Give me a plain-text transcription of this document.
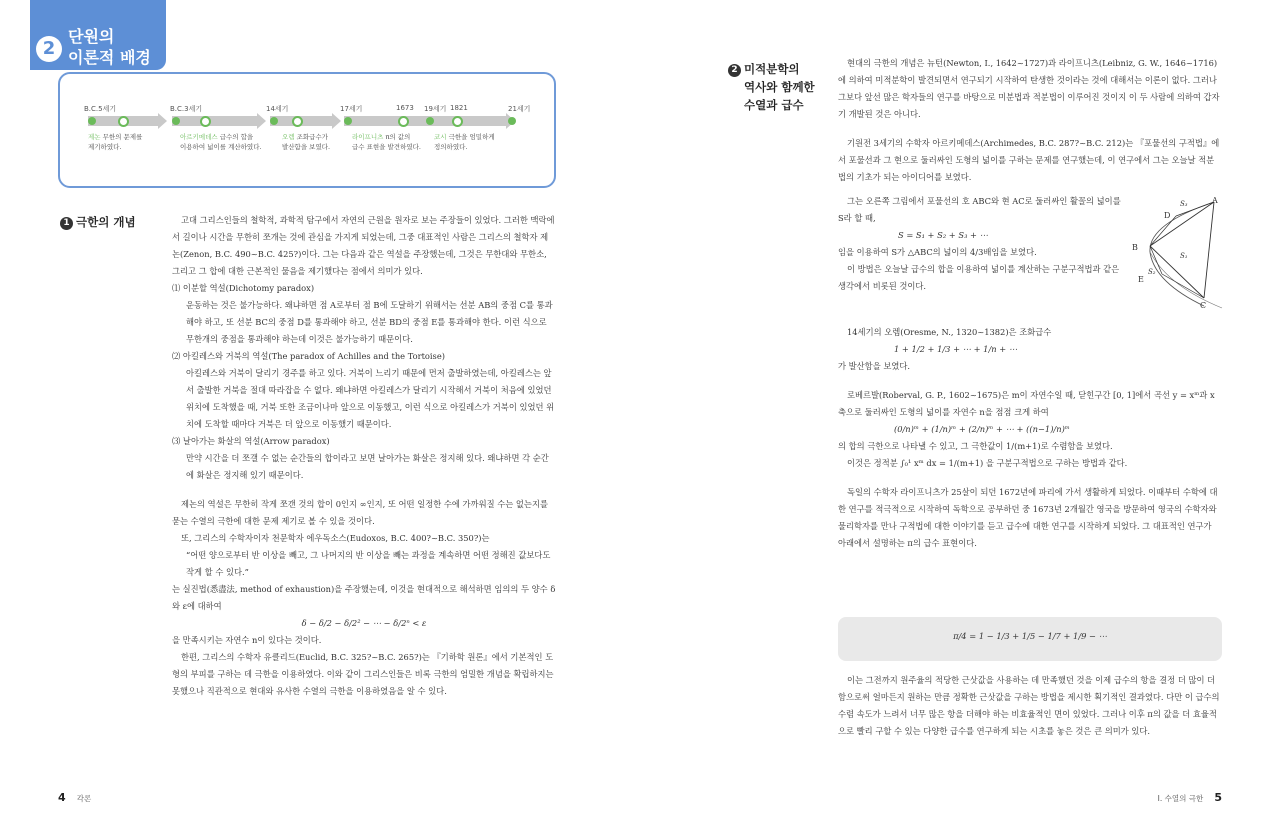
2
단원의
이론적 배경
B.C.5세기	B.C.3세기	14세기	17세기	1673 19세기 1821	21세기
제논 무한의 문제를
제기하였다.
아르키메데스 급수의 합을
이용하여 넓이를 계산하였다.
오렘 조화급수가
발산함을 보였다.
라이프니츠 π의 값의
급수 표현을 발견하였다.
코시 극한을 엄밀하게
정의하였다.
1 극한의 개념	고대 그리스인들의 철학적, 과학적 탐구에서 자연의 근원을 원자로 보는 주장들이 있었다. 그러한 맥락에서 길이나 시간을 무한히 쪼개는 것에 관심을 가지게 되었는데, 그중 대표적인 사람은 그리스의 철학자 제논(Zenon, B.C. 490~B.C. 425?)이다. 그는 다음과 같은 역설을 주장했는데, 그것은 무한대와 무한소, 그리고 그 합에 대한 근본적인 물음을 제기했다는 점에서 의미가 있다.

⑴ 이분할 역설(Dichotomy paradox)

운동하는 것은 불가능하다. 왜냐하면 점 A로부터 점 B에 도달하기 위해서는 선분 AB의 중점 C를 통과해야 하고, 또 선분 BC의 중점 D를 통과해야 하고, 선분 BD의 중점 E를 통과해야 한다. 이런 식으로 무한개의 중점을 통과해야 하는데 이것은 불가능하기 때문이다.

⑵ 아킬레스와 거북의 역설(The paradox of Achilles and the Tortoise)

아킬레스와 거북이 달리기 경주를 하고 있다. 거북이 느리기 때문에 먼저 출발하였는데, 아킬레스는 앞서 출발한 거북을 절대 따라잡을 수 없다. 왜냐하면 아킬레스가 달리기 시작해서 거북이 처음에 있었던 위치에 도착했을 때, 거북 또한 조금이나마 앞으로 이동했고, 이런 식으로 아킬레스가 거북이 있었던 위치에 도착할 때마다 거북은 더 앞으로 이동했기 때문이다.

⑶ 날아가는 화살의 역설(Arrow paradox)

만약 시간을 더 쪼갤 수 없는 순간들의 합이라고 보면 날아가는 화살은 정지해 있다. 왜냐하면 각 순간에 화살은 정지해 있기 때문이다.

제논의 역설은 무한히 작게 쪼갠 것의 합이 0인지 ∞인지, 또 어떤 일정한 수에 가까워질 수는 없는지를 묻는 수열의 극한에 대한 문제 제기로 볼 수 있을 것이다.

또, 그리스의 수학자이자 천문학자 에우독소스(Eudoxos, B.C. 400?~B.C. 350?)는

“어떤 양으로부터 반 이상을 빼고, 그 나머지의 반 이상을 빼는 과정을 계속하면 어떤 정해진 값보다도 작게 할 수 있다.”

는 실진법(悉盡法, method of exhaustion)을 주장했는데, 이것을 현대적으로 해석하면 임의의 두 양수 δ와 ε에 대하여

δ − δ/2 − δ/2² − ⋯ − δ/2ⁿ < ε

을 만족시키는 자연수 n이 있다는 것이다.

한편, 그리스의 수학자 유클리드(Euclid, B.C. 325?~B.C. 265?)는 『기하학 원론』에서 기본적인 도형의 부피를 구하는 데 극한을 이용하였다. 이와 같이 그리스인들은 비록 극한의 엄밀한 개념을 확립하지는 못했으나 직관적으로 현대와 유사한 수열의 극한을 이용하였음을 알 수 있다.

2 미적분학의
역사와 함께한
수열과 급수

현대의 극한의 개념은 뉴턴(Newton, I., 1642~1727)과 라이프니츠(Leibniz, G. W., 1646~1716)에 의하여 미적분학이 발견되면서 연구되기 시작하여 탄생한 것이라는 것에 대해서는 이론이 없다. 그러나 그보다 앞선 많은 학자들의 연구를 바탕으로 미분법과 적분법이 이루어진 것이지 이 두 사람에 의하여 갑자기 개발된 것은 아니다.

기원전 3세기의 수학자 아르키메데스(Archimedes, B.C. 287?~B.C. 212)는 『포물선의 구적법』에서 포물선과 그 현으로 둘러싸인 도형의 넓이를 구하는 문제를 연구했는데, 이 연구에서 그는 오늘날 적분법의 기초가 되는 아이디어를 보였다.

그는 오른쪽 그림에서 포물선의 호 ABC와 현 AC로 둘러싸인 활꼴의 넓이를 S라 할 때,

S = S₁ + S₂ + S₃ + ⋯

임을 이용하여 S가 △ABC의 넓이의 4/3배임을 보였다.

이 방법은 오늘날 급수의 합을 이용하여 넓이를 계산하는 구분구적법과 같은 생각에서 비롯된 것이다.

A
B
C
D
E
S₁
S₂
S₃

14세기의 오렘(Oresme, N., 1320~1382)은 조화급수

1 + 1/2 + 1/3 + ⋯ + 1/n + ⋯

가 발산함을 보였다.

로베르발(Roberval, G. P., 1602~1675)은 m이 자연수일 때, 닫힌구간 [0, 1]에서 곡선 y = xᵐ과 x축으로 둘러싸인 도형의 넓이를 자연수 n을 점점 크게 하여

(0/n)ᵐ + (1/n)ᵐ + (2/n)ᵐ + ⋯ + ((n−1)/n)ᵐ

의 합의 극한으로 나타낼 수 있고, 그 극한값이 1/(m+1)로 수렴함을 보였다.

이것은 정적분 ∫₀¹ xᵐ dx = 1/(m+1) 을 구분구적법으로 구하는 방법과 같다.

독일의 수학자 라이프니츠가 25살이 되던 1672년에 파리에 가서 생활하게 되었다. 이때부터 수학에 대한 연구를 적극적으로 시작하여 독학으로 공부하던 중 1673년 2개월간 영국을 방문하여 영국의 수학자와 물리학자를 만나 구적법에 대한 이야기를 듣고 급수에 대한 연구를 시작하게 되었다. 그 대표적인 연구가 아래에서 설명하는 π의 급수 표현이다.

π/4 = 1 − 1/3 + 1/5 − 1/7 + 1/9 − ⋯

이는 그전까지 원주율의 적당한 근삿값을 사용하는 데 만족했던 것을 이제 급수의 항을 결정 더 많이 더함으로써 얼마든지 원하는 만큼 정확한 근삿값을 구하는 방법을 제시한 획기적인 결과였다. 다만 이 급수의 수렴 속도가 느려서 너무 많은 항을 더해야 하는 비효율적인 면이 있었다. 그러나 이후 π의 값을 더 효율적으로 빨리 구할 수 있는 다양한 급수를 연구하게 되는 시초를 놓은 것은 큰 의미가 있다.

4 각론	I. 수열의 극한 5
